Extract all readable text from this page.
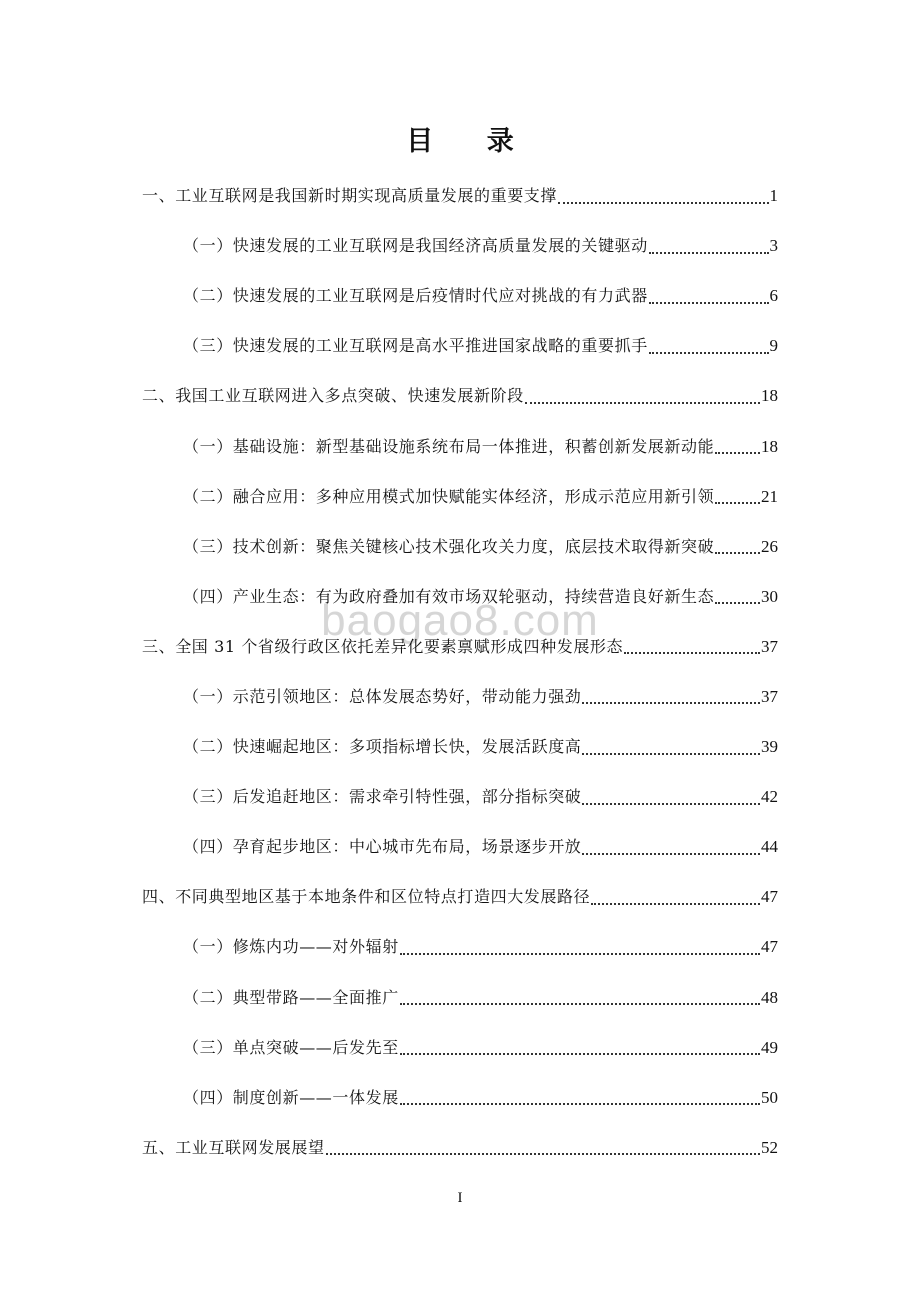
目 录
baogao8.com
一、工业互联网是我国新时期实现高质量发展的重要支撑	1
（一）快速发展的工业互联网是我国经济高质量发展的关键驱动	3
（二）快速发展的工业互联网是后疫情时代应对挑战的有力武器	6
（三）快速发展的工业互联网是高水平推进国家战略的重要抓手	9
二、我国工业互联网进入多点突破、快速发展新阶段	18
（一）基础设施：新型基础设施系统布局一体推进，积蓄创新发展新动能	18
（二）融合应用：多种应用模式加快赋能实体经济，形成示范应用新引领	21
（三）技术创新：聚焦关键核心技术强化攻关力度，底层技术取得新突破	26
（四）产业生态：有为政府叠加有效市场双轮驱动，持续营造良好新生态	30
三、全国 31 个省级行政区依托差异化要素禀赋形成四种发展形态	37
（一）示范引领地区：总体发展态势好，带动能力强劲	37
（二）快速崛起地区：多项指标增长快，发展活跃度高	39
（三）后发追赶地区：需求牵引特性强，部分指标突破	42
（四）孕育起步地区：中心城市先布局，场景逐步开放	44
四、不同典型地区基于本地条件和区位特点打造四大发展路径	47
（一）修炼内功——对外辐射	47
（二）典型带路——全面推广	48
（三）单点突破——后发先至	49
（四）制度创新——一体发展	50
五、工业互联网发展展望	52
I
